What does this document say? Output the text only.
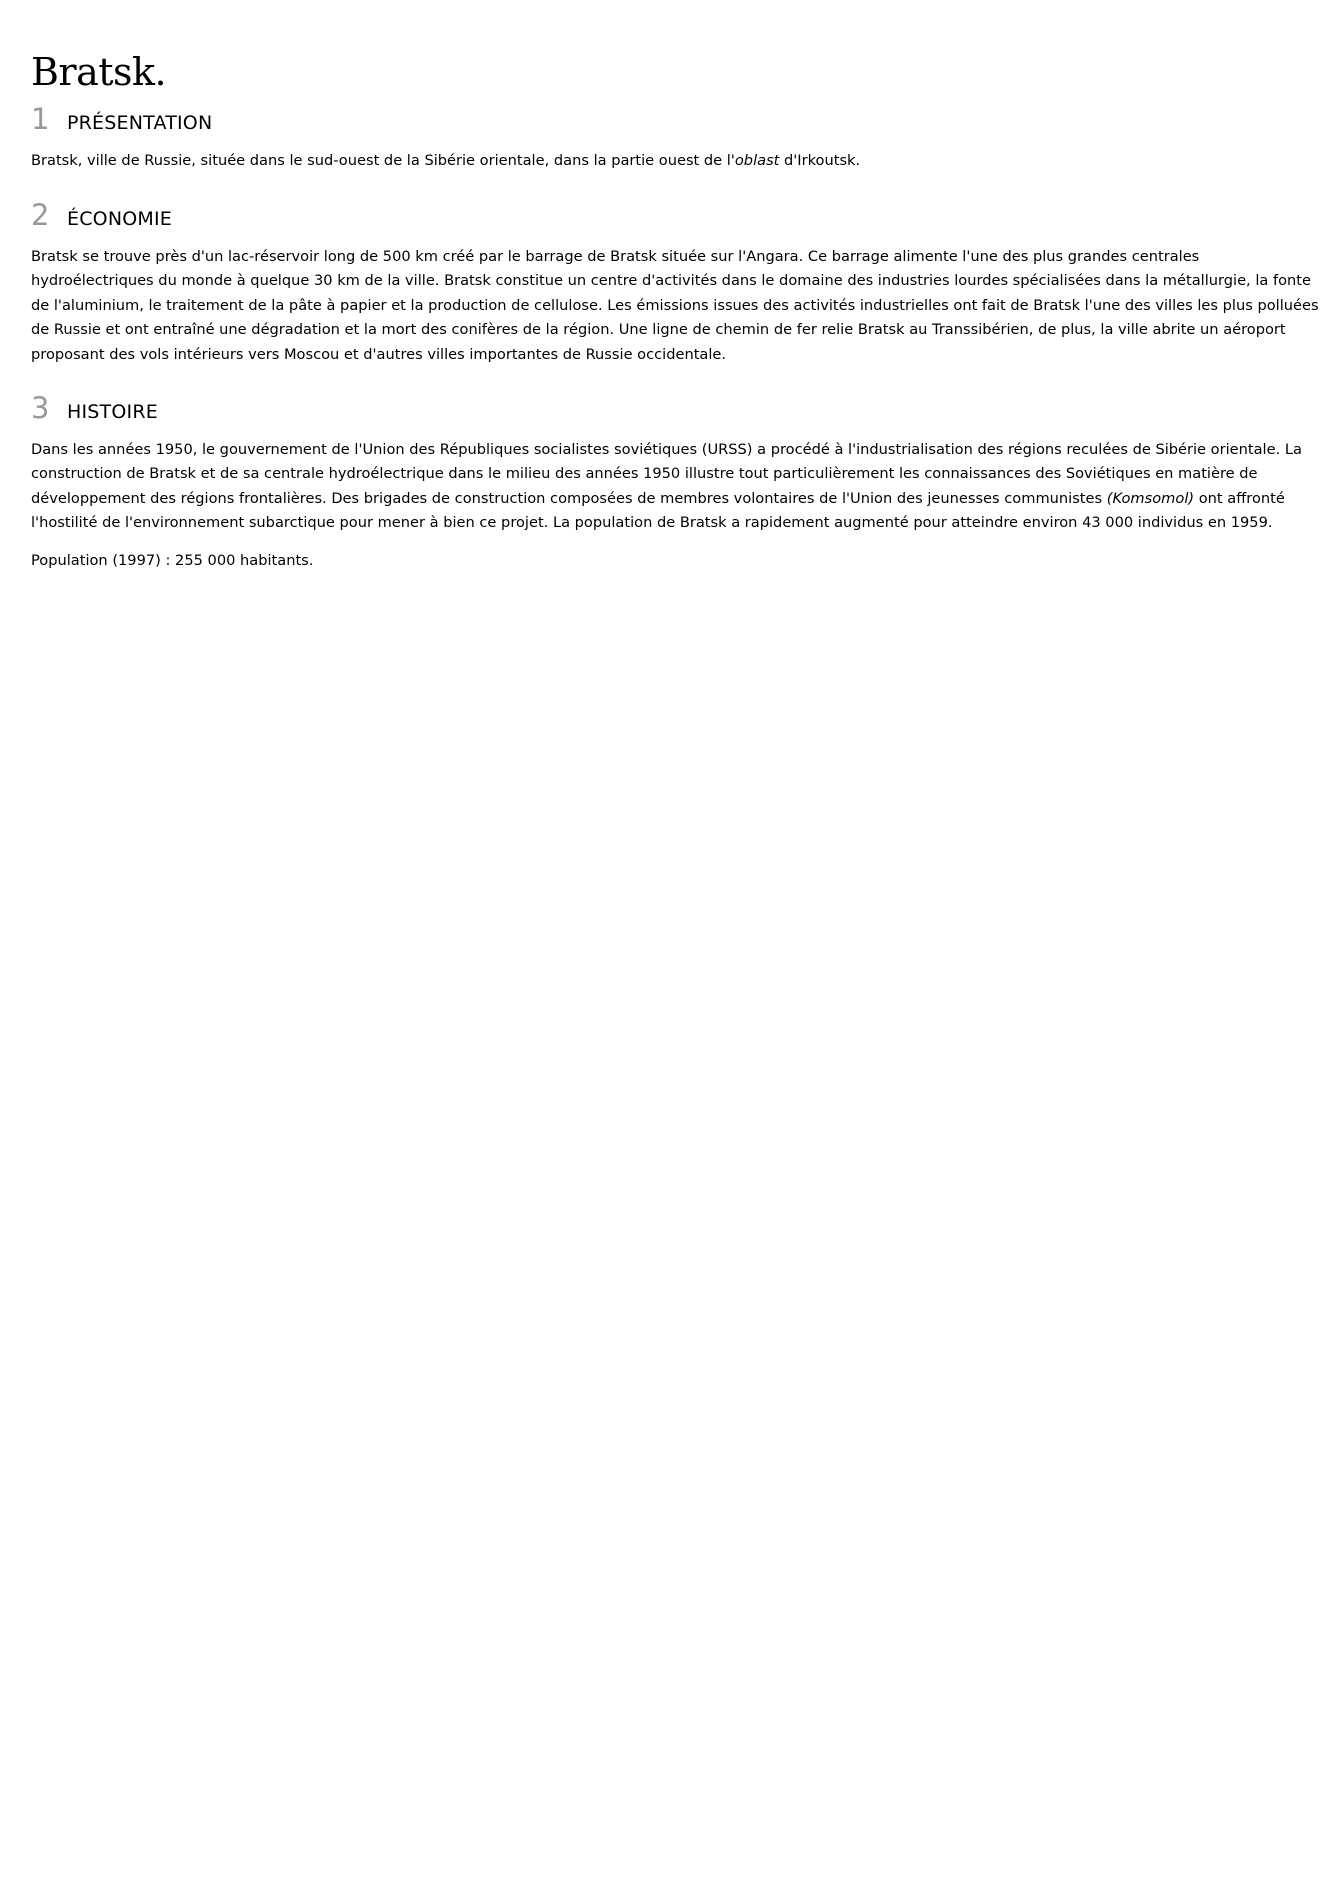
Bratsk.
1 PRÉSENTATION

Bratsk, ville de Russie, située dans le sud-ouest de la Sibérie orientale, dans la partie ouest de l'oblast d'Irkoutsk.

2 ÉCONOMIE

Bratsk se trouve près d'un lac-réservoir long de 500 km créé par le barrage de Bratsk située sur l'Angara. Ce barrage alimente l'une des plus grandes centrales hydroélectriques du monde à quelque 30 km de la ville. Bratsk constitue un centre d'activités dans le domaine des industries lourdes spécialisées dans la métallurgie, la fonte de l'aluminium, le traitement de la pâte à papier et la production de cellulose. Les émissions issues des activités industrielles ont fait de Bratsk l'une des villes les plus polluées de Russie et ont entraîné une dégradation et la mort des conifères de la région. Une ligne de chemin de fer relie Bratsk au Transsibérien, de plus, la ville abrite un aéroport proposant des vols intérieurs vers Moscou et d'autres villes importantes de Russie occidentale.

3 HISTOIRE

Dans les années 1950, le gouvernement de l'Union des Républiques socialistes soviétiques (URSS) a procédé à l'industrialisation des régions reculées de Sibérie orientale. La construction de Bratsk et de sa centrale hydroélectrique dans le milieu des années 1950 illustre tout particulièrement les connaissances des Soviétiques en matière de développement des régions frontalières. Des brigades de construction composées de membres volontaires de l'Union des jeunesses communistes (Komsomol) ont affronté l'hostilité de l'environnement subarctique pour mener à bien ce projet. La population de Bratsk a rapidement augmenté pour atteindre environ 43 000 individus en 1959.

Population (1997) : 255 000 habitants.
